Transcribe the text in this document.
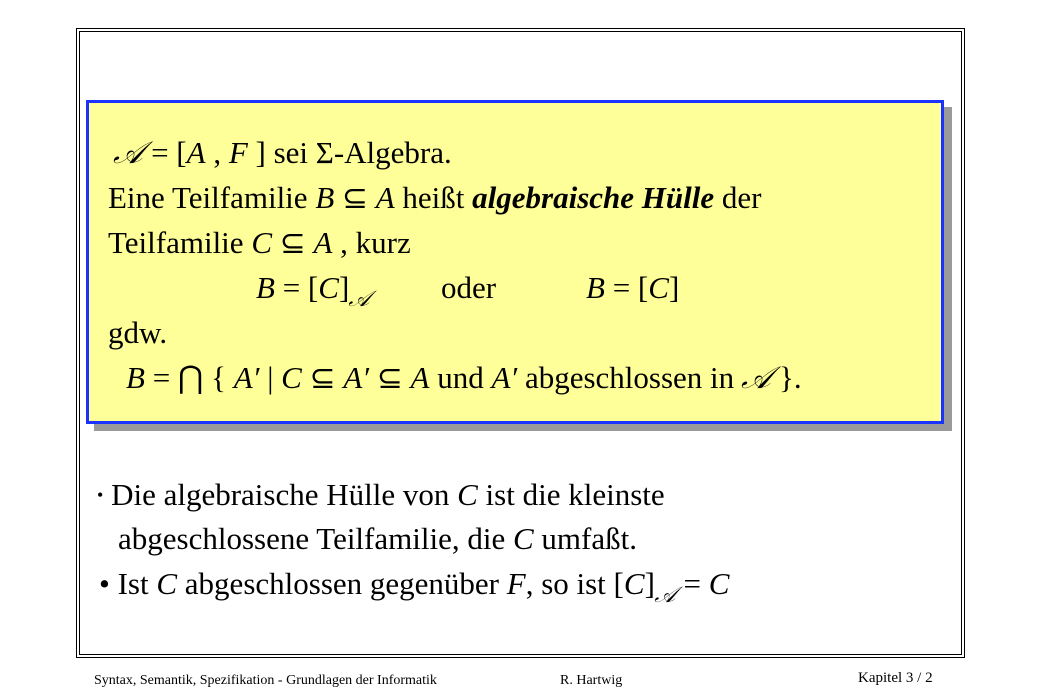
𝒜 = [A , F ] sei Σ-Algebra.
Eine Teilfamilie B ⊆ A heißt algebraische Hülle der
Teilfamilie C ⊆ A , kurz
B = [C]𝒜 oder	B = [C]
gdw.
B = ⋂ { A′ | C ⊆ A′ ⊆ A und A′ abgeschlossen in 𝒜 }.
• Die algebraische Hülle von C ist die kleinste
abgeschlossene Teilfamilie, die C umfaßt.
• Ist C abgeschlossen gegenüber F, so ist [C]𝒜 = C
Syntax, Semantik, Spezifikation - Grundlagen der Informatik	R. Hartwig	Kapitel 3 / 2
